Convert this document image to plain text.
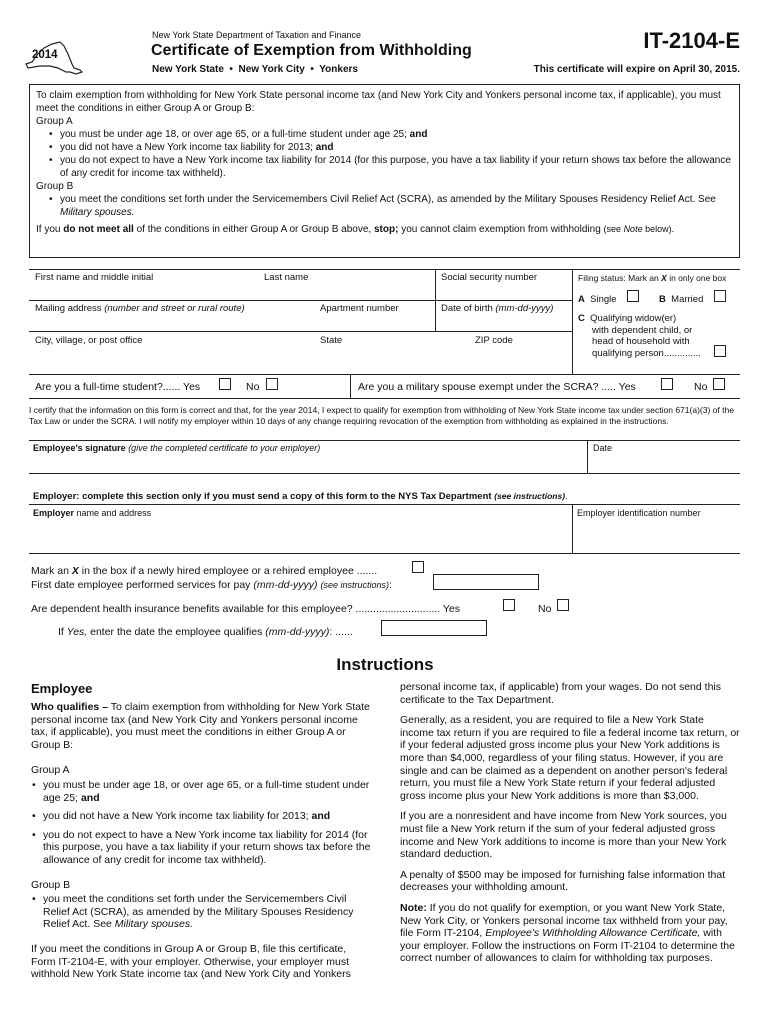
2014
New York State Department of Taxation and Finance
Certificate of Exemption from Withholding
New York State  •  New York City  •  Yonkers
IT-2104-E
This certificate will expire on April 30, 2015.
To claim exemption from withholding for New York State personal income tax (and New York City and Yonkers personal income tax, if applicable), you must meet the conditions in either Group A or Group B:
Group A
• you must be under age 18, or over age 65, or a full-time student under age 25; and
• you did not have a New York income tax liability for 2013; and
• you do not expect to have a New York income tax liability for 2014 (for this purpose, you have a tax liability if your return shows tax before the allowance of any credit for income tax withheld).
Group B
• you meet the conditions set forth under the Servicemembers Civil Relief Act (SCRA), as amended by the Military Spouses Residency Relief Act. See Military spouses.
If you do not meet all of the conditions in either Group A or Group B above, stop; you cannot claim exemption from withholding (see Note below).
First name and middle initial	Last name	Social security number	Filing status: Mark an X in only one box
Mailing address (number and street or rural route)	Apartment number	Date of birth (mm-dd-yyyy)
City, village, or post office	State	ZIP code
A Single	B Married
C Qualifying widow(er)
with dependent child, or
head of household with
qualifying person..............
Are you a full-time student?...... Yes	No	Are you a military spouse exempt under the SCRA? ..... Yes	No
I certify that the information on this form is correct and that, for the year 2014, I expect to qualify for exemption from withholding of New York State income tax under section 671(a)(3) of the Tax Law or under the SCRA. I will notify my employer within 10 days of any change requiring revocation of the exemption from withholding as explained in the instructions.
Employee's signature (give the completed certificate to your employer)	Date
Employer: complete this section only if you must send a copy of this form to the NYS Tax Department (see instructions).
Employer name and address	Employer identification number
Mark an X in the box if a newly hired employee or a rehired employee .......
First date employee performed services for pay (mm-dd-yyyy) (see instructions):
Are dependent health insurance benefits available for this employee? ............................. Yes	No
If Yes, enter the date the employee qualifies (mm-dd-yyyy): ......
Instructions
Employee

Who qualifies – To claim exemption from withholding for New York State personal income tax (and New York City and Yonkers personal income tax, if applicable), you must meet the conditions in either Group A or Group B:

Group A

• you must be under age 18, or over age 65, or a full-time student under age 25; and
• you did not have a New York income tax liability for 2013; and
• you do not expect to have a New York income tax liability for 2014 (for this purpose, you have a tax liability if your return shows tax before the allowance of any credit for income tax withheld).

Group B

• you meet the conditions set forth under the Servicemembers Civil Relief Act (SCRA), as amended by the Military Spouses Residency Relief Act. See Military spouses.

If you meet the conditions in Group A or Group B, file this certificate, Form IT-2104-E, with your employer. Otherwise, your employer must withhold New York State income tax (and New York City and Yonkers

personal income tax, if applicable) from your wages. Do not send this certificate to the Tax Department.

Generally, as a resident, you are required to file a New York State income tax return if you are required to file a federal income tax return, or if your federal adjusted gross income plus your New York additions is more than $4,000, regardless of your filing status. However, if you are single and can be claimed as a dependent on another person's federal return, you must file a New York State return if your federal adjusted gross income plus your New York additions is more than $3,000.

If you are a nonresident and have income from New York sources, you must file a New York return if the sum of your federal adjusted gross income and New York additions to income is more than your New York standard deduction.

A penalty of $500 may be imposed for furnishing false information that decreases your withholding amount.

Note: If you do not qualify for exemption, or you want New York State, New York City, or Yonkers personal income tax withheld from your pay, file Form IT-2104, Employee's Withholding Allowance Certificate, with your employer. Follow the instructions on Form IT-2104 to determine the correct number of allowances to claim for withholding tax purposes.
